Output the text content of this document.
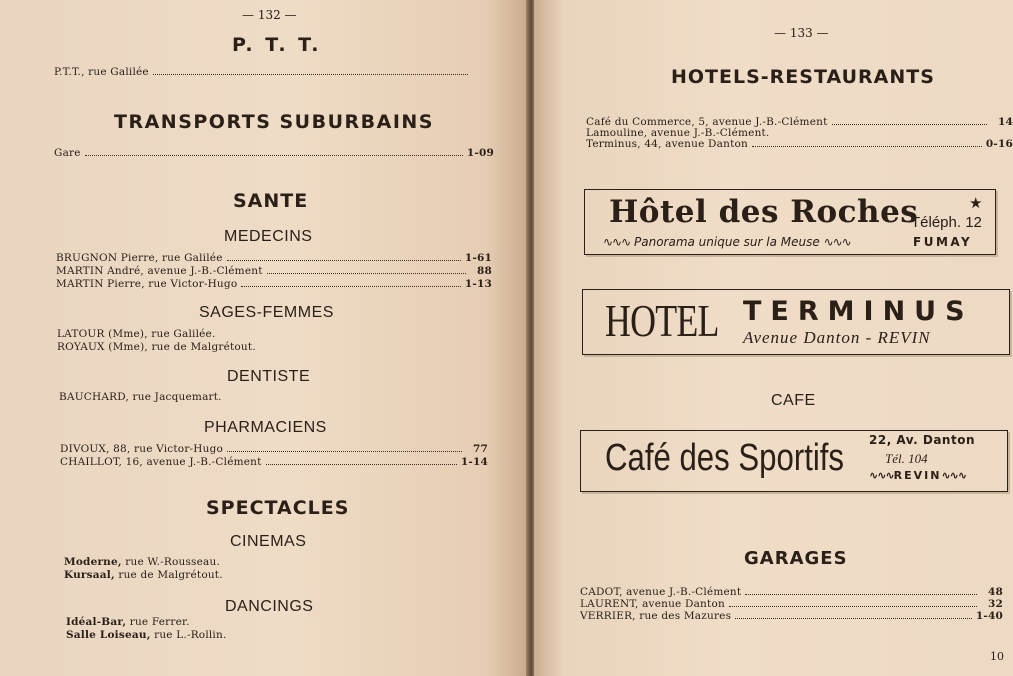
— 132 —
P. T. T.
P.T.T., rue Galilée
TRANSPORTS SUBURBAINS
Gare	1-09
SANTE
MEDECINS
BRUGNON Pierre, rue Galilée	1-61
MARTIN André, avenue J.-B.-Clément	88
MARTIN Pierre, rue Victor-Hugo	1-13
SAGES-FEMMES
LATOUR (Mme), rue Galilée.
ROYAUX (Mme), rue de Malgrétout.
DENTISTE
BAUCHARD, rue Jacquemart.
PHARMACIENS
DIVOUX, 88, rue Victor-Hugo	77
CHAILLOT, 16, avenue J.-B.-Clément	1-14
SPECTACLES
CINEMAS
Moderne, rue W.-Rousseau.
Kursaal, rue de Malgrétout.
DANCINGS
Idéal-Bar, rue Ferrer.
Salle Loiseau, rue L.-Rollin.
— 133 —
HOTELS-RESTAURANTS
Café du Commerce, 5, avenue J.-B.-Clément	14
Lamouline, avenue J.-B.-Clément.
Terminus, 44, avenue Danton	0-16
Hôtel des Roches
∿∿∿ Panorama unique sur la Meuse ∿∿∿
★
Téléph. 12
FUMAY
HOTEL TERMINUS
Avenue Danton - REVIN
CAFE
Café des Sportifs 22, Av. Danton
Tél. 104
∿∿∿REVIN∿∿∿
GARAGES
CADOT, avenue J.-B.-Clément	48
LAURENT, avenue Danton	32
VERRIER, rue des Mazures	1-40
10
